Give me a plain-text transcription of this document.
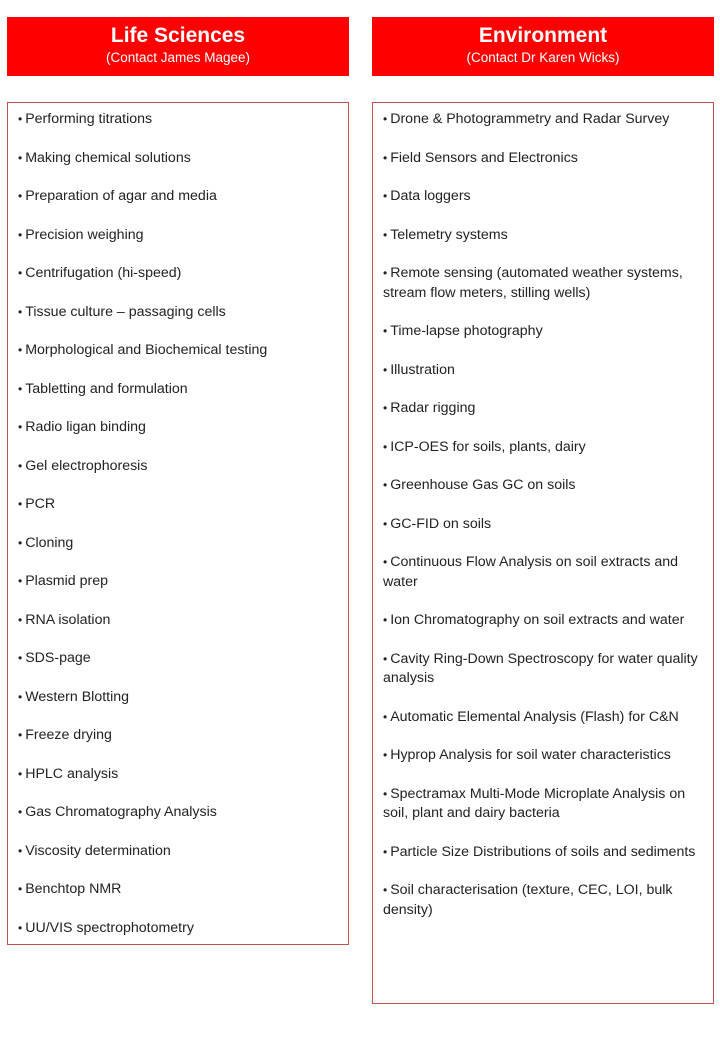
Life Sciences
(Contact James Magee)
• Performing titrations
• Making chemical solutions
• Preparation of agar and media
• Precision weighing
• Centrifugation (hi-speed)
• Tissue culture – passaging cells
• Morphological and Biochemical testing
• Tabletting and formulation
• Radio ligan binding
• Gel electrophoresis
• PCR
• Cloning
• Plasmid prep
• RNA isolation
• SDS-page
• Western Blotting
• Freeze drying
• HPLC analysis
• Gas Chromatography Analysis
• Viscosity determination
• Benchtop NMR
• UU/VIS spectrophotometry
Environment
(Contact Dr Karen Wicks)
• Drone & Photogrammetry and Radar Survey
• Field Sensors and Electronics
• Data loggers
• Telemetry systems
• Remote sensing (automated weather systems, stream flow meters, stilling wells)
• Time-lapse photography
• Illustration
• Radar rigging
• ICP-OES for soils, plants, dairy
• Greenhouse Gas GC on soils
• GC-FID on soils
• Continuous Flow Analysis on soil extracts and water
• Ion Chromatography on soil extracts and water
• Cavity Ring-Down Spectroscopy for water quality analysis
• Automatic Elemental Analysis (Flash) for C&N
• Hyprop Analysis for soil water characteristics
• Spectramax Multi-Mode Microplate Analysis on soil, plant and dairy bacteria
• Particle Size Distributions of soils and sediments
• Soil characterisation (texture, CEC, LOI, bulk density)
